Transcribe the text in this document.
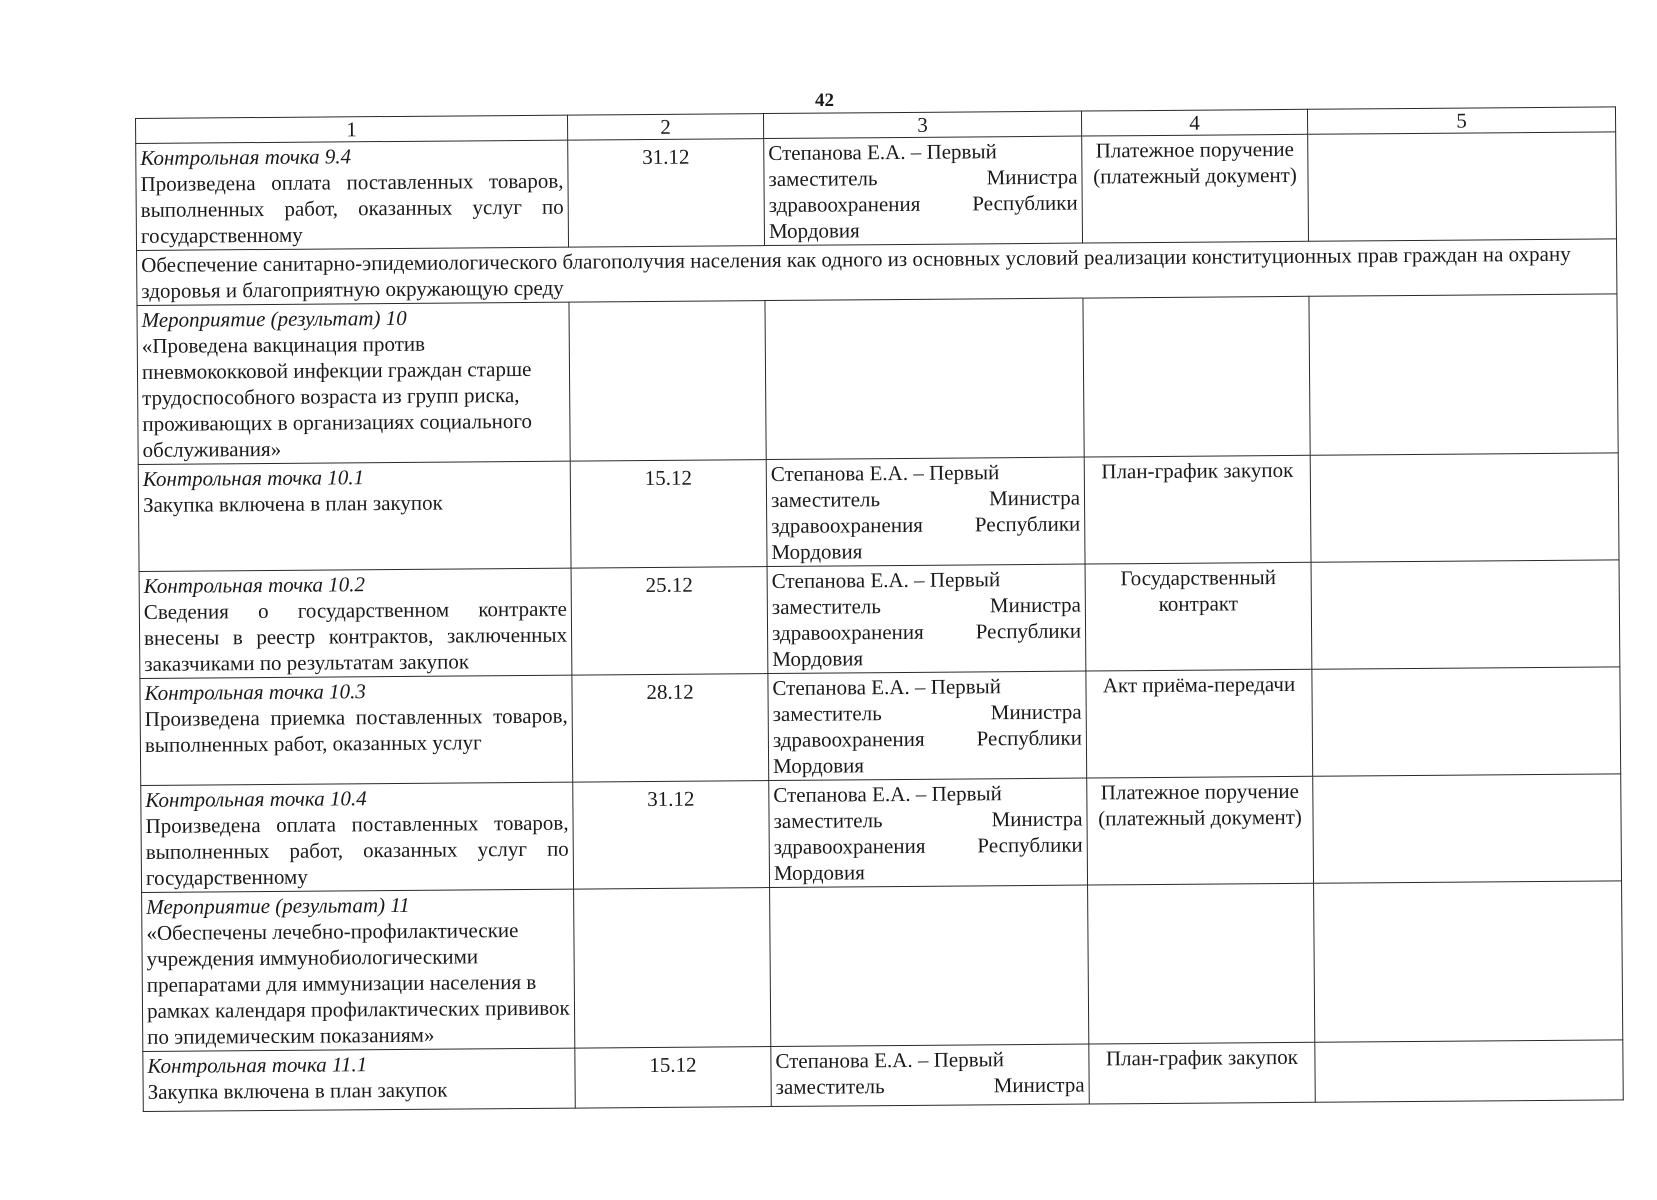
42
1	2	3	4	5

Контрольная точка 9.4
Произведена оплата поставленных товаров, выполненных работ, оказанных услуг по государственному	31.12	Степанова Е.А. – Первый
заместитель Министра
здравоохранения Республики
Мордовия	Платежное поручение (платежный документ)	
Обеспечение санитарно-эпидемиологического благополучия населения как одного из основных условий реализации конституционных прав граждан на охрану здоровья и благоприятную окружающую среду				

Мероприятие (результат) 10
«Проведена вакцинация против пневмококковой инфекции граждан старше трудоспособного возраста из групп риска, проживающих в организациях социального обслуживания»				

Контрольная точка 10.1
Закупка включена в план закупок	15.12	Степанова Е.А. – Первый
заместитель Министра
здравоохранения Республики
Мордовия	План-график закупок	

Контрольная точка 10.2
Сведения о государственном контракте внесены в реестр контрактов, заключенных заказчиками по результатам закупок	25.12	Степанова Е.А. – Первый
заместитель Министра
здравоохранения Республики
Мордовия	Государственный контракт	

Контрольная точка 10.3
Произведена приемка поставленных товаров, выполненных работ, оказанных услуг	28.12	Степанова Е.А. – Первый
заместитель Министра
здравоохранения Республики
Мордовия	Акт приёма-передачи	

Контрольная точка 10.4
Произведена оплата поставленных товаров, выполненных работ, оказанных услуг по государственному	31.12	Степанова Е.А. – Первый
заместитель Министра
здравоохранения Республики
Мордовия	Платежное поручение (платежный документ)	

Мероприятие (результат) 11
«Обеспечены лечебно-профилактические учреждения иммунобиологическими препаратами для иммунизации населения в рамках календаря профилактических прививок по эпидемическим показаниям»				

Контрольная точка 11.1
Закупка включена в план закупок	15.12	Степанова Е.А. – Первый
заместитель Министра	План-график закупок	
